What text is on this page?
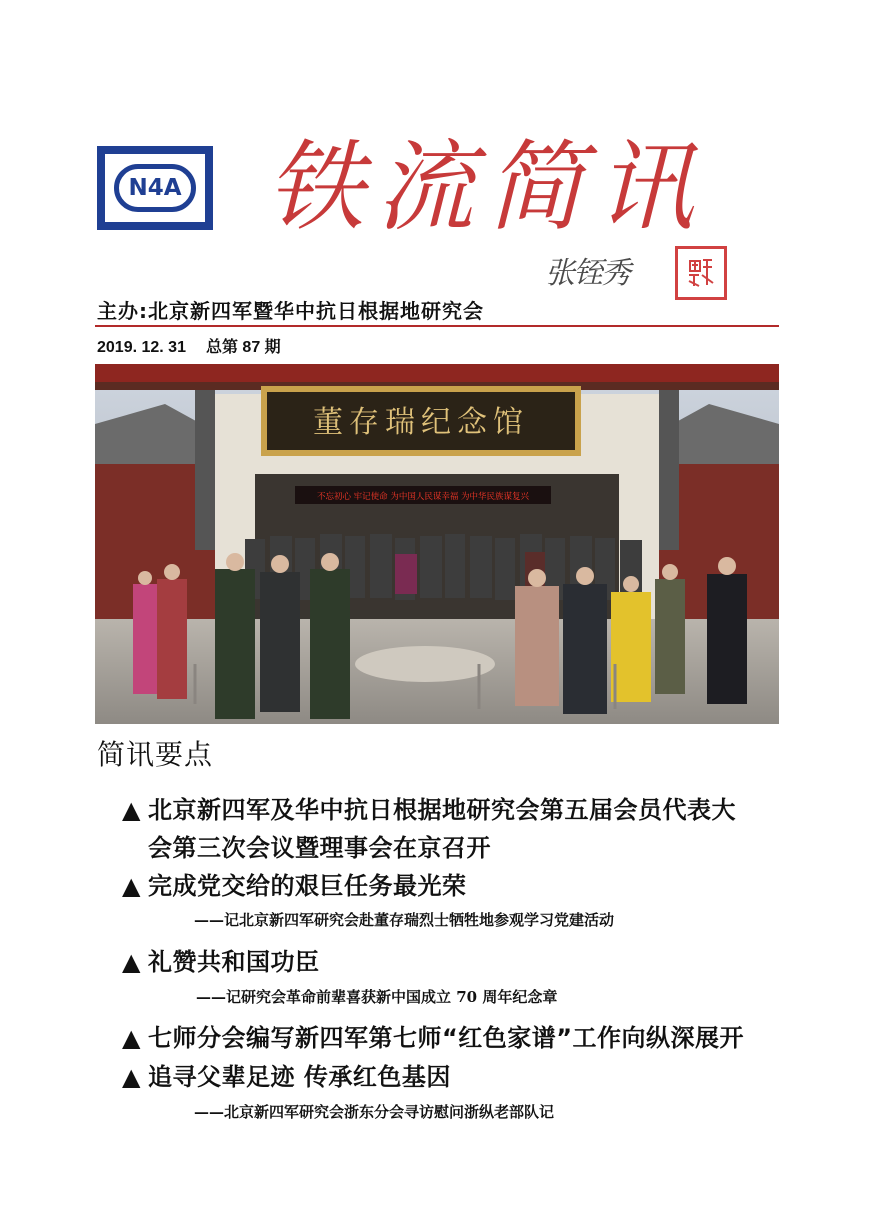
N4A 铁流简讯
张铚秀
主办:北京新四军暨华中抗日根据地研究会
2019. 12. 31 总第 87 期
董存瑞纪念馆
不忘初心 牢记使命 为中国人民谋幸福 为中华民族谋复兴
简讯要点
▲ 北京新四军及华中抗日根据地研究会第五届会员代表大
会第三次会议暨理事会在京召开
▲ 完成党交给的艰巨任务最光荣
——记北京新四军研究会赴董存瑞烈士牺牲地参观学习党建活动
▲ 礼赞共和国功臣
——记研究会革命前辈喜获新中国成立 70 周年纪念章
▲ 七师分会编写新四军第七师“红色家谱”工作向纵深展开
▲ 追寻父辈足迹 传承红色基因
——北京新四军研究会浙东分会寻访慰问浙纵老部队记
